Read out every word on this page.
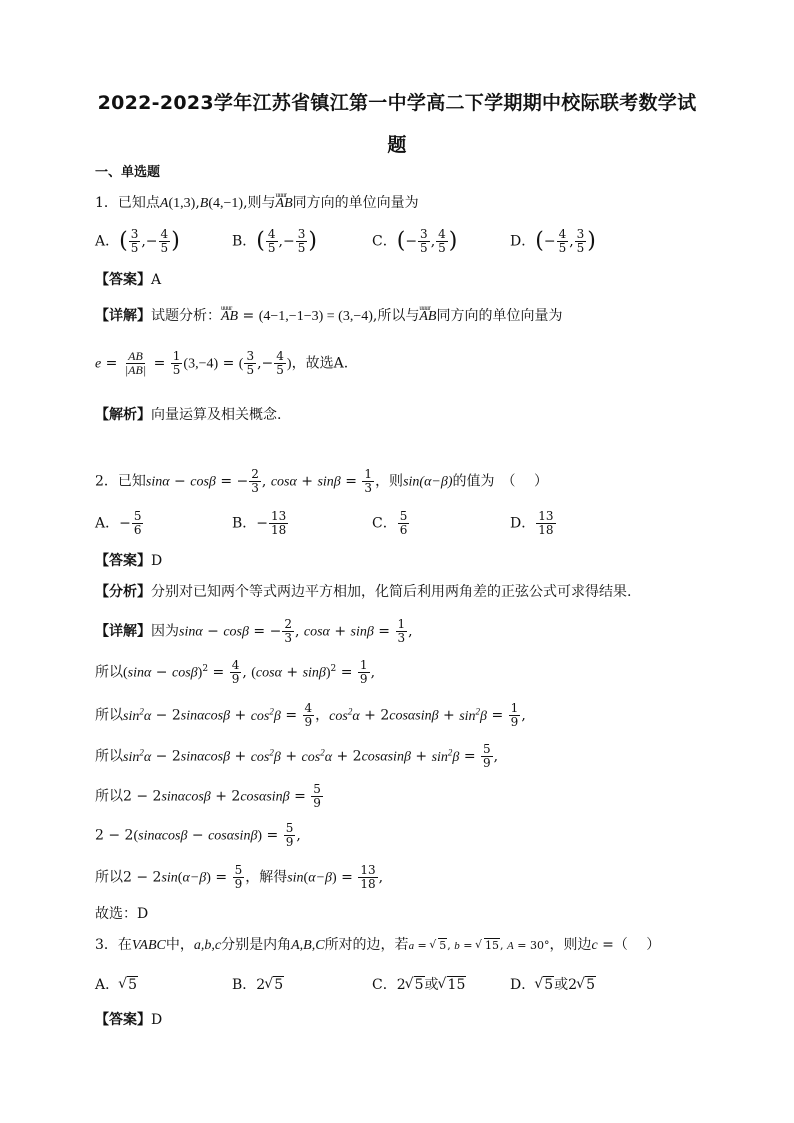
2022-2023学年江苏省镇江第一中学高二下学期期中校际联考数学试
题
一、单选题
1．已知点A(1,3),B(4,−1),则与uuur AB同方向的单位向量为
A．( $\frac{3}{5}$ ,− $\frac{4}{5}$ )	B．( $\frac{4}{5}$ ,− $\frac{3}{5}$ )	C．(− $\frac{3}{5}$ , $\frac{4}{5}$ )	D．(− $\frac{4}{5}$ , $\frac{3}{5}$ )
【答案】A
【详解】试题分析：uuur AB = (4−1,−1−3) = (3,−4),所以与uuur AB同方向的单位向量为
$e = \frac{AB}{|AB|} = \frac{1}{5} (3,-4)$ = ( $\frac{3}{5}$ ,− $\frac{4}{5}$ )，故选A.
【解析】向量运算及相关概念.
2．已知sinα − cosβ = − $\frac{2}{3}$ , $\cos\alpha + \sin\beta = \frac{1}{3}$ ，则sin(α−β)的值为　（　 ）
A．− $\frac{5}{6}$	B．− $\frac{13}{18}$	C． $\frac{5}{6}$	D． $\frac{13}{18}$
【答案】D
【分析】分别对已知两个等式两边平方相加，化简后利用两角差的正弦公式可求得结果.
【详解】因为sinα − cosβ = − $\frac{2}{3}$ , $\cos\alpha + \sin\beta = \frac{1}{3}$ ,
所以$(\sin\alpha - \cos\beta)^2 = \frac{4}{9}$ , $(\cos\alpha + \sin\beta)^2 = \frac{1}{9}$ ,
所以$\sin^2\alpha - 2\sin\alpha\cos\beta + \cos^2\beta = \frac{4}{9}$ ，$\cos^2\alpha + 2\cos\alpha\sin\beta + \sin^2\beta = \frac{1}{9}$ ,
所以$\sin^2\alpha - 2\sin\alpha\cos\beta + \cos^2\beta + \cos^2\alpha + 2\cos\alpha\sin\beta + \sin^2\beta = \frac{5}{9}$ ,
所以$2 - 2\sin\alpha\cos\beta + 2\cos\alpha\sin\beta = \frac{5}{9}$
$2 - 2(\sin\alpha\cos\beta - \cos\alpha\sin\beta) = \frac{5}{9}$ ,
所以$2 - 2\sin(\alpha-\beta) = \frac{5}{9}$ ，解得$\sin(\alpha-\beta) = \frac{13}{18}$ ,
故选：D
3．在VABC中，a,b,c分别是内角A,B,C所对的边，若a = √ 5, b = √ 15, A = 30°，则边c =（　 ）
A． √ 5	B．2 √ 5	C．2 √ 5或 √ 15	D． √ 5或2 √ 5
【答案】D
